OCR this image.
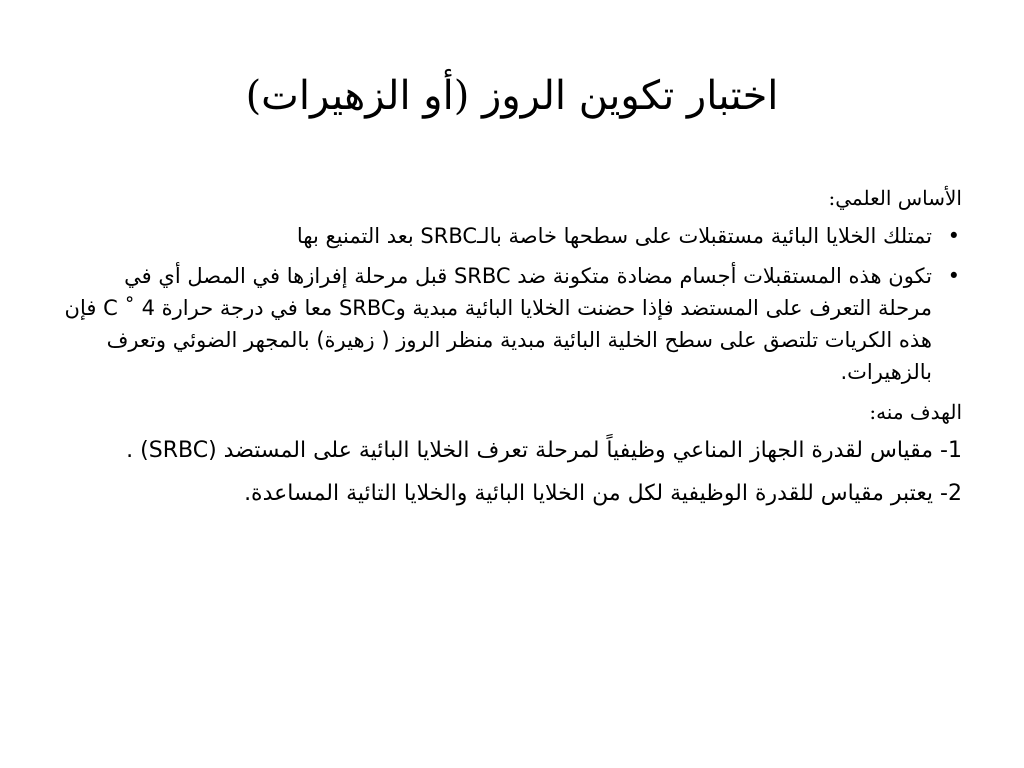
اختبار تكوين الروز (أو الزهيرات)
الأساس العلمي:
•
تمتلك الخلايا البائية مستقبلات على سطحها خاصة بالـSRBC بعد التمنيع بها
•
تكون هذه المستقبلات أجسام مضادة متكونة ضد SRBC قبل مرحلة إفرازها في المصل أي في مرحلة التعرف على المستضد فإذا حضنت الخلايا البائية مبدية وSRBC معا في درجة حرارة C ˚ 4 فإن هذه الكريات تلتصق على سطح الخلية البائية مبدية منظر الروز ( زهيرة) بالمجهر الضوئي وتعرف بالزهيرات.
الهدف منه:

1- مقياس لقدرة الجهاز المناعي وظيفياً لمرحلة تعرف الخلايا البائية على المستضد (SRBC) .

2- يعتبر مقياس للقدرة الوظيفية لكل من الخلايا البائية والخلايا التائية المساعدة.
